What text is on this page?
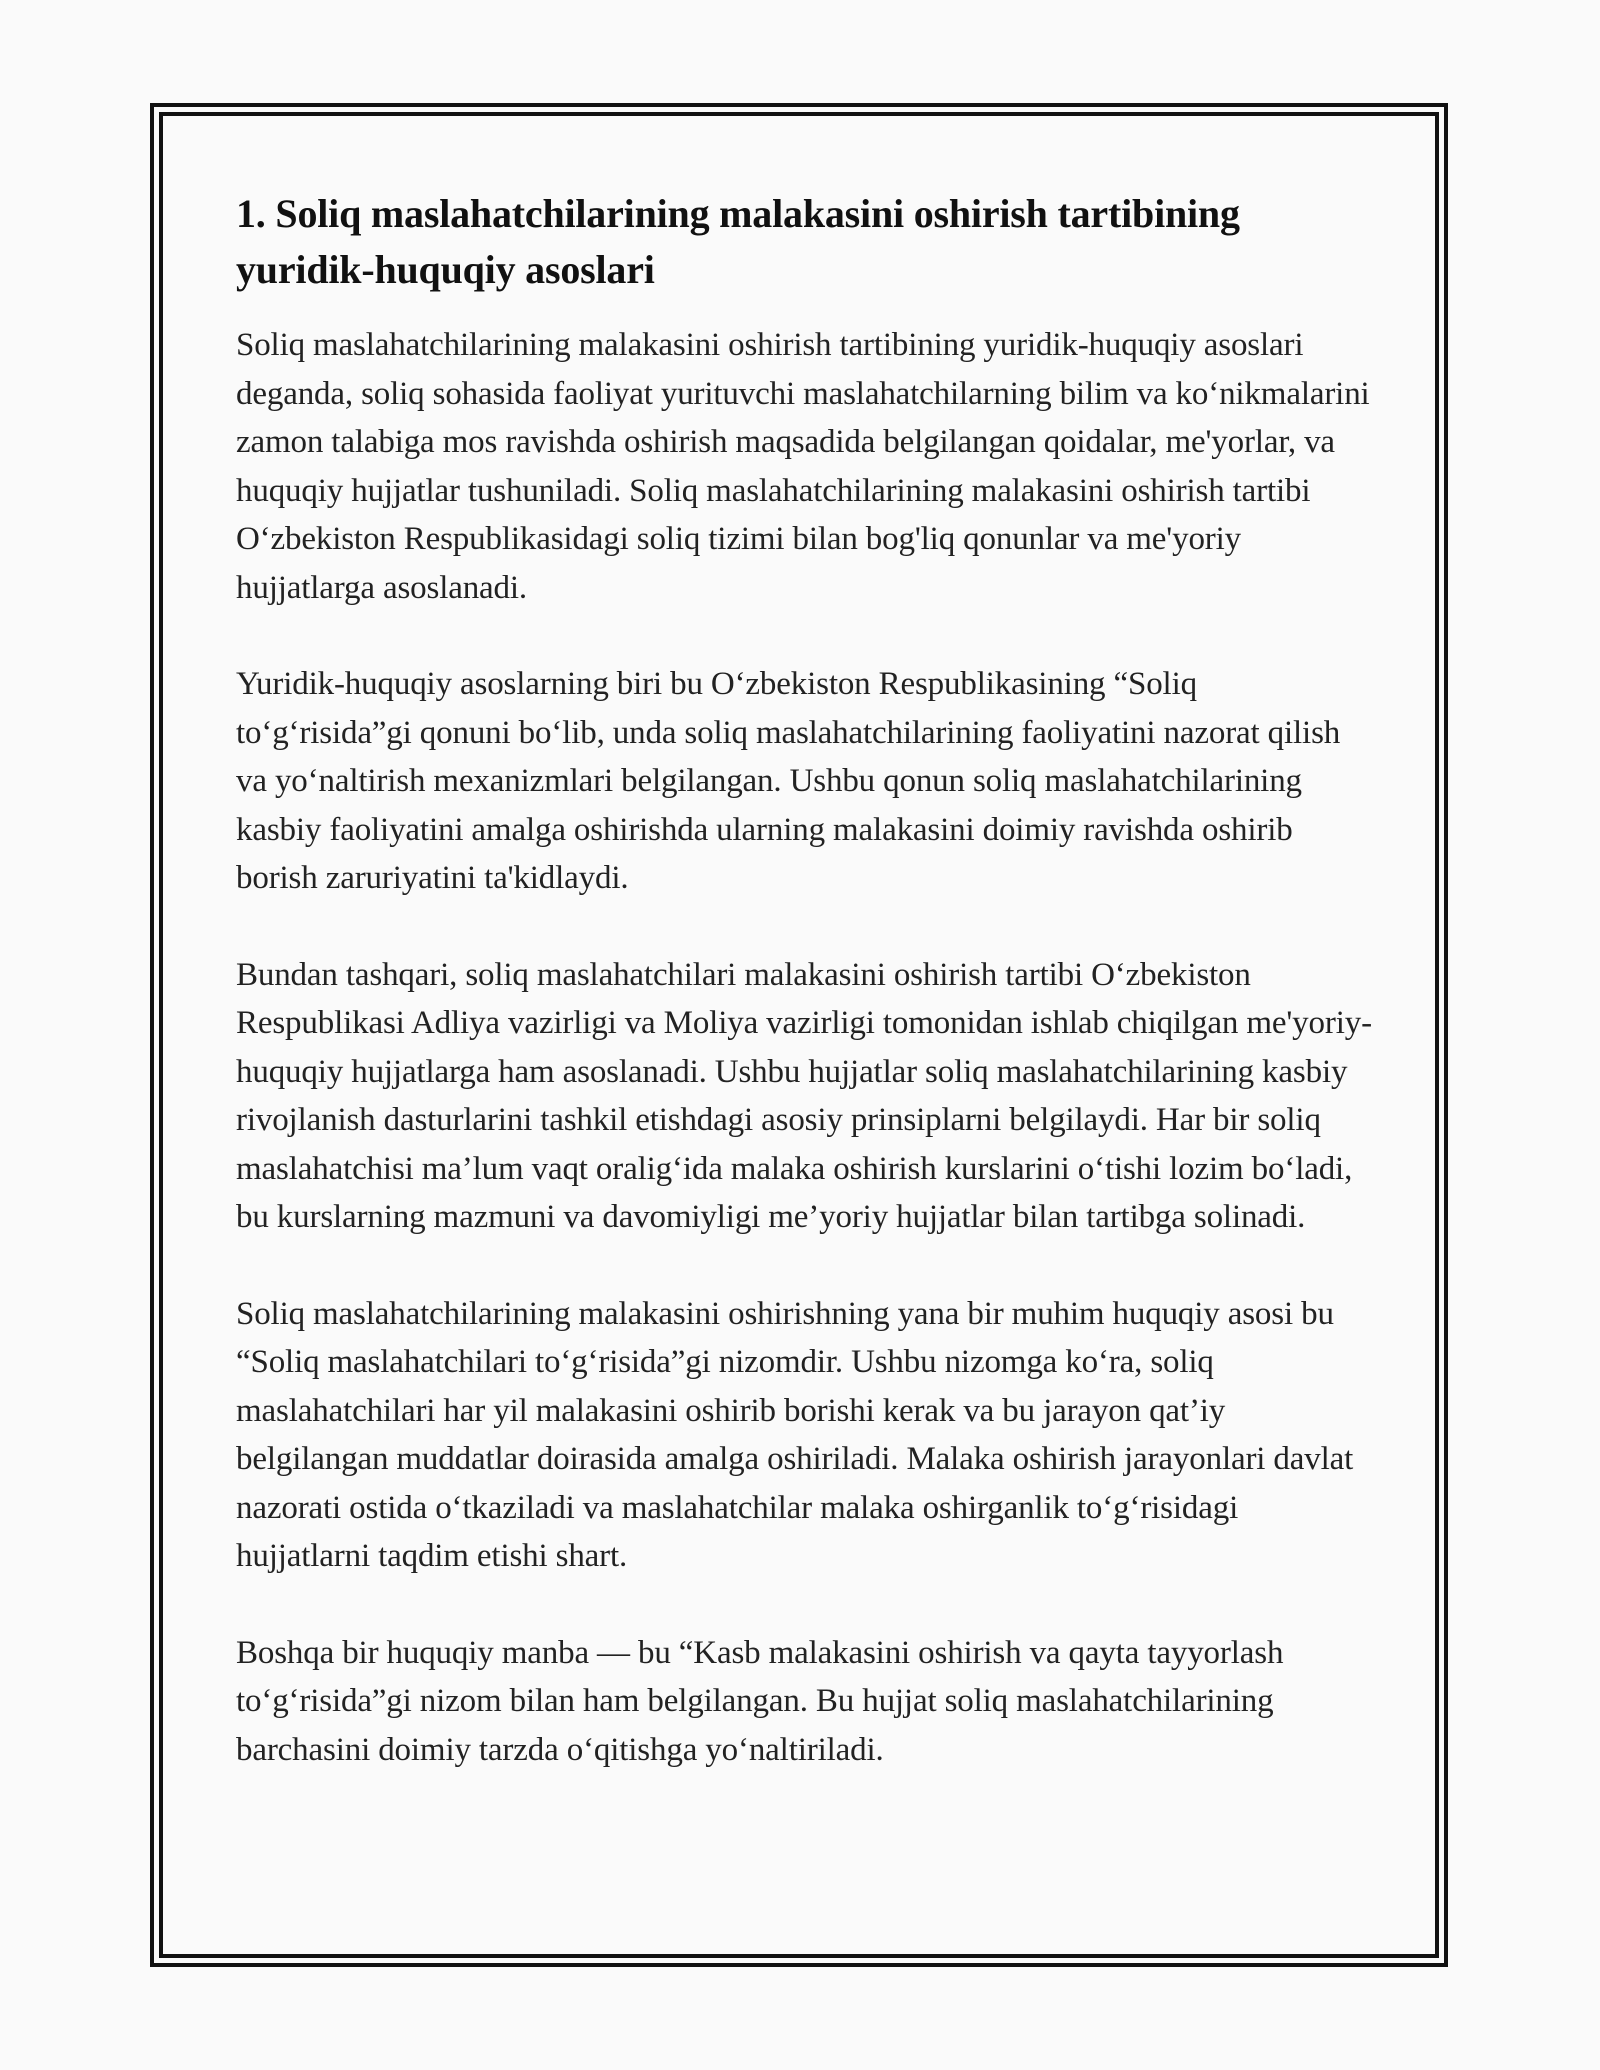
1. Soliq maslahatchilarining malakasini oshirish tartibining yuridik-huquqiy asoslari

Soliq maslahatchilarining malakasini oshirish tartibining yuridik-huquqiy asoslari deganda, soliq sohasida faoliyat yurituvchi maslahatchilarning bilim va ko‘nikmalarini zamon talabiga mos ravishda oshirish maqsadida belgilangan qoidalar, me'yorlar, va huquqiy hujjatlar tushuniladi. Soliq maslahatchilarining malakasini oshirish tartibi O‘zbekiston Respublikasidagi soliq tizimi bilan bog'liq qonunlar va me'yoriy hujjatlarga asoslanadi.

Yuridik-huquqiy asoslarning biri bu O‘zbekiston Respublikasining “Soliq to‘g‘risida”gi qonuni bo‘lib, unda soliq maslahatchilarining faoliyatini nazorat qilish va yo‘naltirish mexanizmlari belgilangan. Ushbu qonun soliq maslahatchilarining kasbiy faoliyatini amalga oshirishda ularning malakasini doimiy ravishda oshirib borish zaruriyatini ta'kidlaydi.

Bundan tashqari, soliq maslahatchilari malakasini oshirish tartibi O‘zbekiston Respublikasi Adliya vazirligi va Moliya vazirligi tomonidan ishlab chiqilgan me'yoriy-huquqiy hujjatlarga ham asoslanadi. Ushbu hujjatlar soliq maslahatchilarining kasbiy rivojlanish dasturlarini tashkil etishdagi asosiy prinsiplarni belgilaydi. Har bir soliq maslahatchisi ma’lum vaqt oralig‘ida malaka oshirish kurslarini o‘tishi lozim bo‘ladi, bu kurslarning mazmuni va davomiyligi me’yoriy hujjatlar bilan tartibga solinadi.

Soliq maslahatchilarining malakasini oshirishning yana bir muhim huquqiy asosi bu “Soliq maslahatchilari to‘g‘risida”gi nizomdir. Ushbu nizomga ko‘ra, soliq maslahatchilari har yil malakasini oshirib borishi kerak va bu jarayon qat’iy belgilangan muddatlar doirasida amalga oshiriladi. Malaka oshirish jarayonlari davlat nazorati ostida o‘tkaziladi va maslahatchilar malaka oshirganlik to‘g‘risidagi hujjatlarni taqdim etishi shart.

Boshqa bir huquqiy manba — bu “Kasb malakasini oshirish va qayta tayyorlash to‘g‘risida”gi nizom bilan ham belgilangan. Bu hujjat soliq maslahatchilarining barchasini doimiy tarzda o‘qitishga yo‘naltiriladi.
